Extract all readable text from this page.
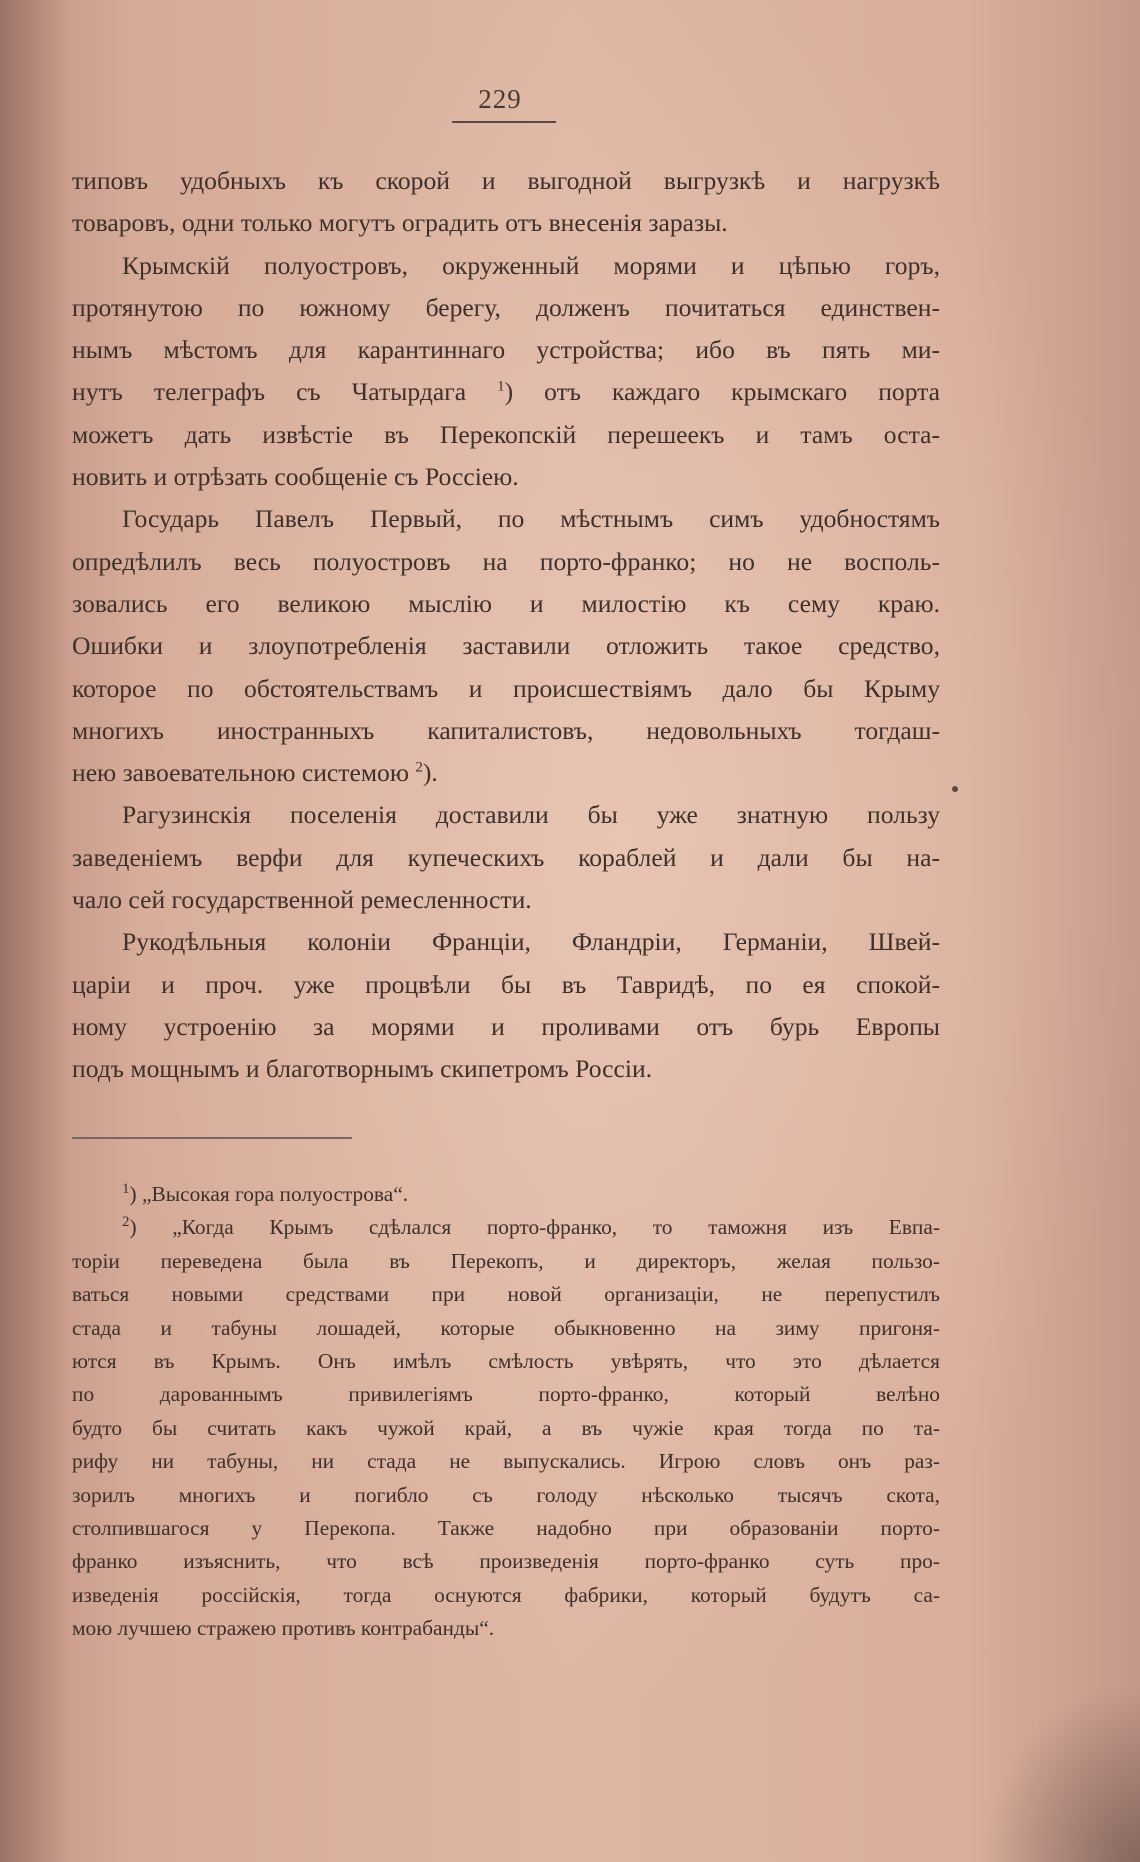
229
типовъ удобныхъ къ скорой и выгодной выгрузкѣ и нагрузкѣ
товаровъ, одни только могутъ оградить отъ внесенія заразы.
Крымскій полуостровъ, окруженный морями и цѣпью горъ,
протянутою по южному берегу, долженъ почитаться единствен-
нымъ мѣстомъ для карантиннаго устройства; ибо въ пять ми-
нутъ телеграфъ съ Чатырдага $^1$) отъ каждаго крымскаго порта
можетъ дать извѣстіе въ Перекопскій перешеекъ и тамъ оста-
новить и отрѣзать сообщеніе съ Россіею.
Государь Павелъ Первый, по мѣстнымъ симъ удобностямъ
опредѣлилъ весь полуостровъ на порто-франко; но не восполь-
зовались его великою мыслію и милостію къ сему краю.
Ошибки и злоупотребленія заставили отложить такое средство,
которое по обстоятельствамъ и происшествіямъ дало бы Крыму
многихъ иностранныхъ капиталистовъ, недовольныхъ тогдаш-
нею завоевательною системою $^2$).
Рагузинскія поселенія доставили бы уже знатную пользу
заведеніемъ верфи для купеческихъ кораблей и дали бы на-
чало сей государственной ремесленности.
Рукодѣльныя колоніи Франціи, Фландріи, Германіи, Швей-
царіи и проч. уже процвѣли бы въ Тавридѣ, по ея спокой-
ному устроенію за морями и проливами отъ бурь Европы
подъ мощнымъ и благотворнымъ скипетромъ Россіи.
$^1$) „Высокая гора полуострова“.
$^2$) „Когда Крымъ сдѣлался порто-франко, то таможня изъ Евпа-
торіи переведена была въ Перекопъ, и директоръ, желая пользо-
ваться новыми средствами при новой организаціи, не перепустилъ
стада и табуны лошадей, которые обыкновенно на зиму пригоня-
ются въ Крымъ. Онъ имѣлъ смѣлость увѣрять, что это дѣлается
по дарованнымъ привилегіямъ порто-франко, который велѣно
будто бы считать какъ чужой край, а въ чужіе края тогда по та-
рифу ни табуны, ни стада не выпускались. Игрою словъ онъ раз-
зорилъ многихъ и погибло съ голоду нѣсколько тысячъ скота,
столпившагося у Перекопа. Также надобно при образованіи порто-
франко изъяснить, что всѣ произведенія порто-франко суть про-
изведенія россійскія, тогда оснуются фабрики, который будутъ са-
мою лучшею стражею противъ контрабанды“.
